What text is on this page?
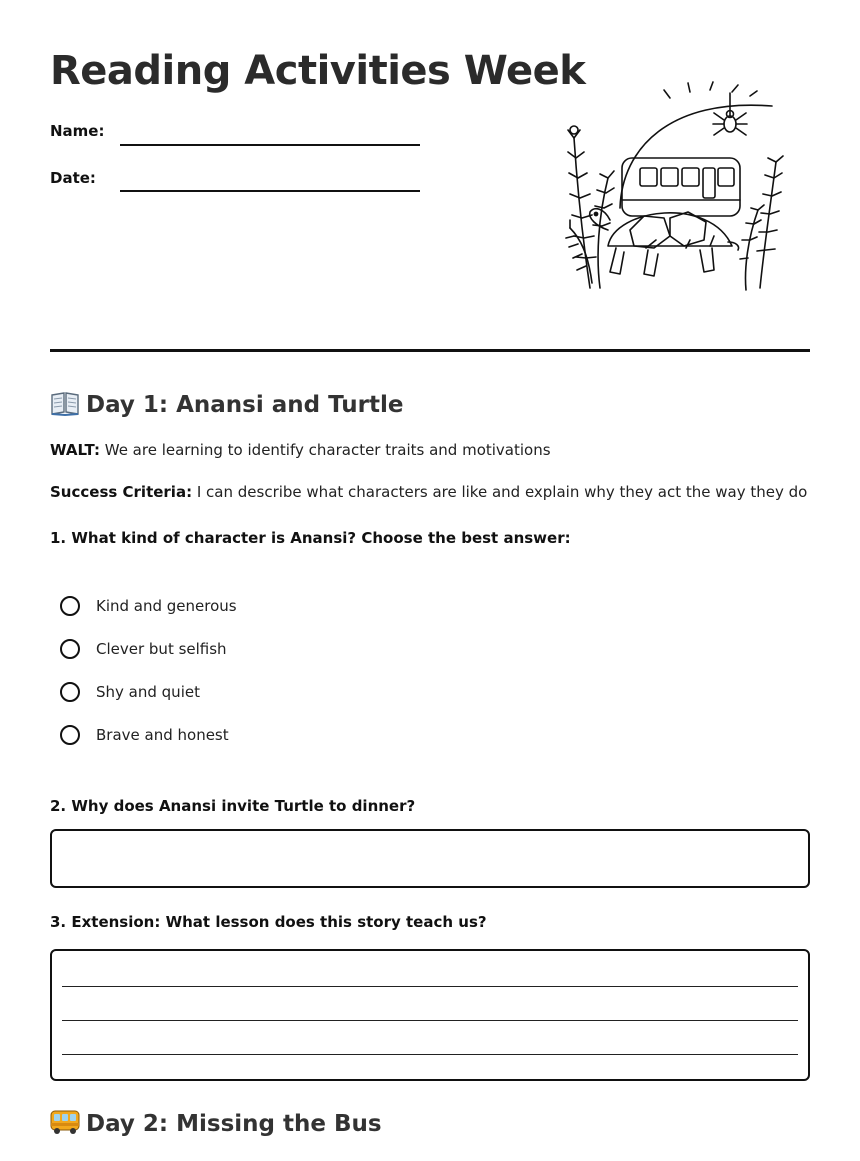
Reading Activities Week
Name:
Date:
Day 1: Anansi and Turtle
WALT: We are learning to identify character traits and motivations
Success Criteria: I can describe what characters are like and explain why they act the way they do
1. What kind of character is Anansi? Choose the best answer:
Kind and generous
Clever but selfish
Shy and quiet
Brave and honest
2. Why does Anansi invite Turtle to dinner?
3. Extension: What lesson does this story teach us?
Day 2: Missing the Bus
